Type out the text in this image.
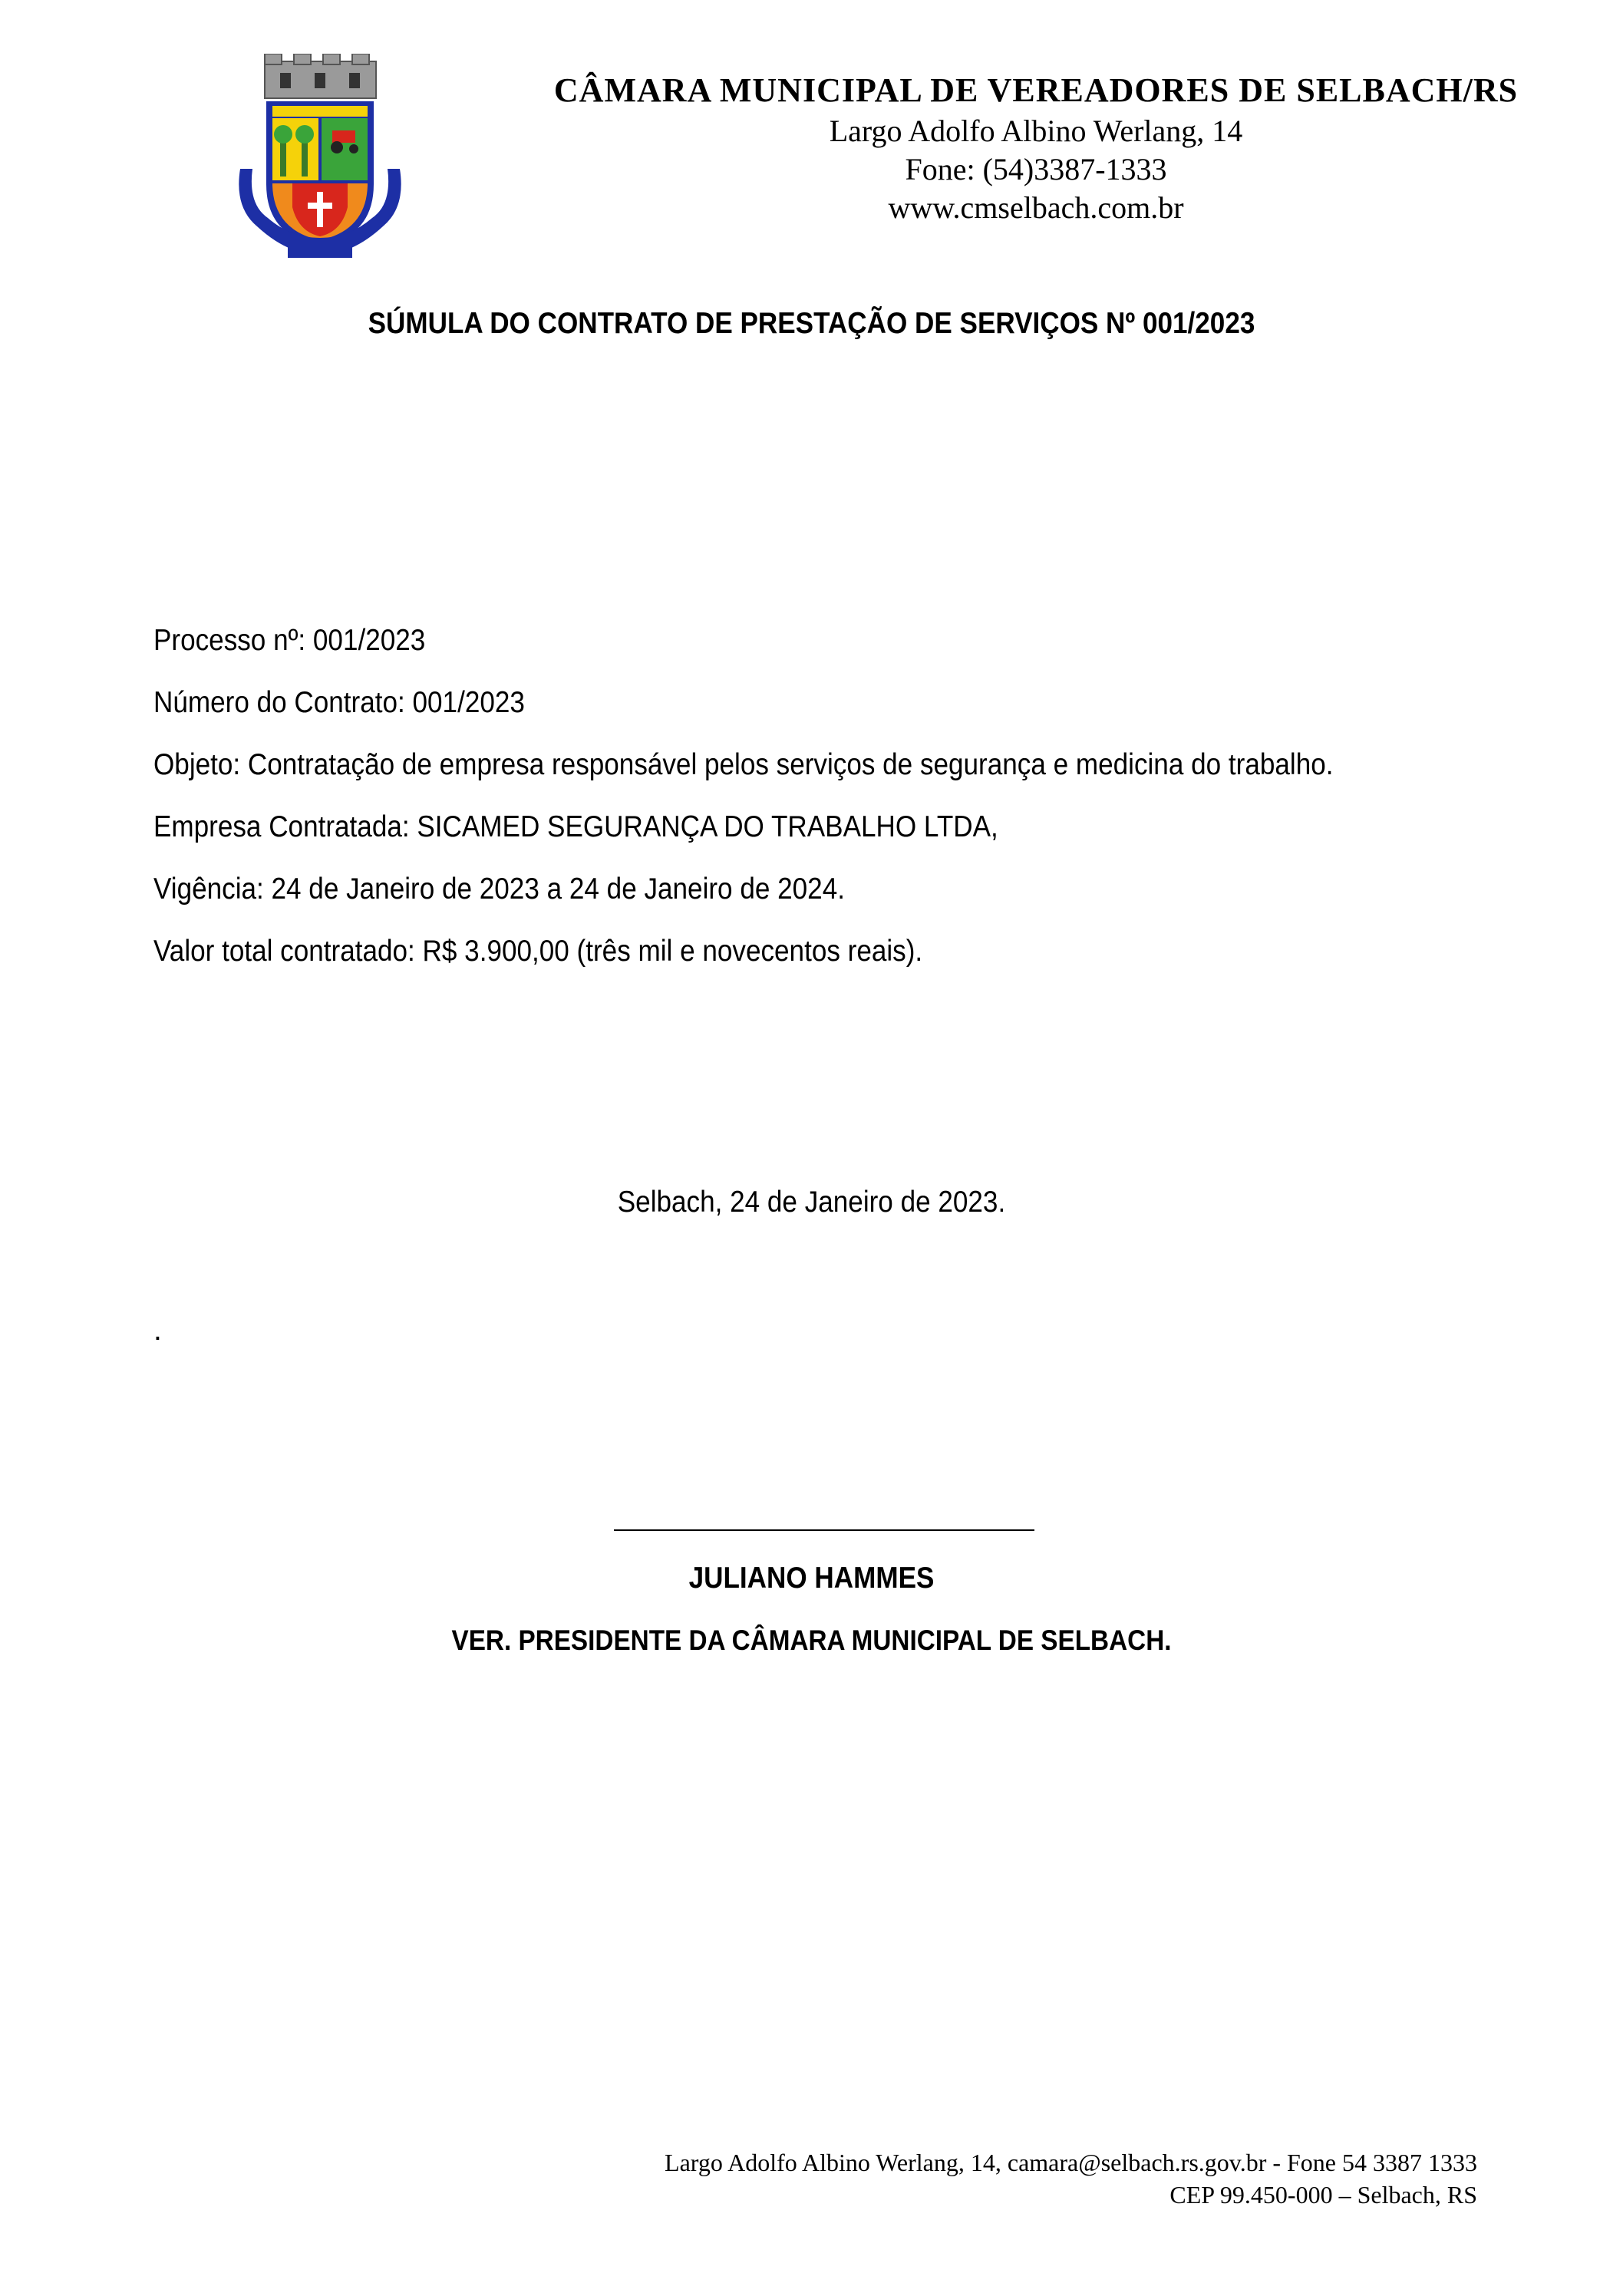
CÂMARA MUNICIPAL DE VEREADORES DE SELBACH/RS
Largo Adolfo Albino Werlang, 14
Fone: (54)3387-1333
www.cmselbach.com.br
SÚMULA DO CONTRATO DE PRESTAÇÃO DE SERVIÇOS Nº 001/2023
Processo nº: 001/2023
Número do Contrato: 001/2023
Objeto: Contratação de empresa responsável pelos serviços de segurança e medicina do trabalho.
Empresa Contratada: SICAMED SEGURANÇA DO TRABALHO LTDA,
Vigência: 24 de Janeiro de 2023 a 24 de Janeiro de 2024.
Valor total contratado: R$ 3.900,00 (três mil e novecentos reais).
Selbach, 24 de Janeiro de 2023.
.
JULIANO HAMMES
VER. PRESIDENTE DA CÂMARA MUNICIPAL DE SELBACH.
Largo Adolfo Albino Werlang, 14, camara@selbach.rs.gov.br - Fone 54 3387 1333
CEP 99.450-000 – Selbach, RS
